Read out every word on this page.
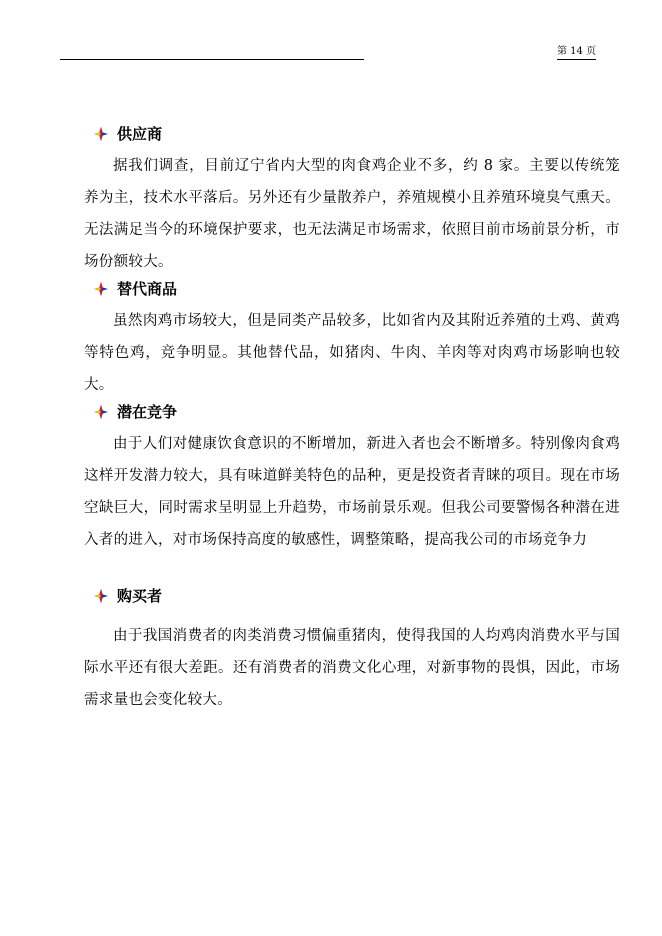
第 14 页
供应商

据我们调查，目前辽宁省内大型的肉食鸡企业不多，约 8 家。主要以传统笼养为主，技术水平落后。另外还有少量散养户，养殖规模小且养殖环境臭气熏天。无法满足当今的环境保护要求，也无法满足市场需求，依照目前市场前景分析，市场份额较大。

替代商品

虽然肉鸡市场较大，但是同类产品较多，比如省内及其附近养殖的土鸡、黄鸡等特色鸡，竞争明显。其他替代品，如猪肉、牛肉、羊肉等对肉鸡市场影响也较大。

潜在竞争

由于人们对健康饮食意识的不断增加，新进入者也会不断增多。特别像肉食鸡这样开发潜力较大，具有味道鲜美特色的品种，更是投资者青睐的项目。现在市场空缺巨大，同时需求呈明显上升趋势，市场前景乐观。但我公司要警惕各种潜在进入者的进入，对市场保持高度的敏感性，调整策略，提高我公司的市场竞争力

购买者

由于我国消费者的肉类消费习惯偏重猪肉，使得我国的人均鸡肉消费水平与国际水平还有很大差距。还有消费者的消费文化心理，对新事物的畏惧，因此，市场需求量也会变化较大。
